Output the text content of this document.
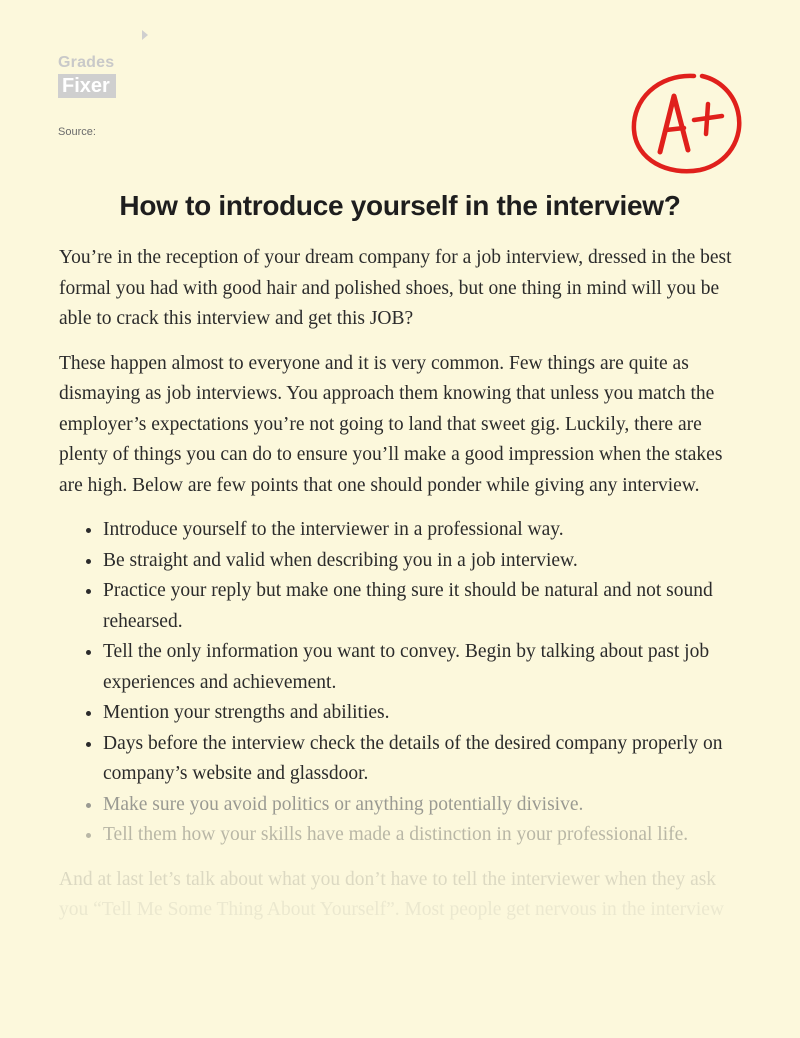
Grades
Fixer
Source:
How to introduce yourself in the interview?

You’re in the reception of your dream company for a job interview, dressed in the best formal you had with good hair and polished shoes, but one thing in mind will you be able to crack this interview and get this JOB?

These happen almost to everyone and it is very common. Few things are quite as dismaying as job interviews. You approach them knowing that unless you match the employer’s expectations you’re not going to land that sweet gig. Luckily, there are plenty of things you can do to ensure you’ll make a good impression when the stakes are high. Below are few points that one should ponder while giving any interview.

• Introduce yourself to the interviewer in a professional way.
• Be straight and valid when describing you in a job interview.
• Practice your reply but make one thing sure it should be natural and not sound rehearsed.
• Tell the only information you want to convey. Begin by talking about past job experiences and achievement.
• Mention your strengths and abilities.
• Days before the interview check the details of the desired company properly on company’s website and glassdoor.
• Make sure you avoid politics or anything potentially divisive.
• Tell them how your skills have made a distinction in your professional life.

And at last let’s talk about what you don’t have to tell the interviewer when they ask
you “Tell Me Some Thing About Yourself”. Most people get nervous in the interview
